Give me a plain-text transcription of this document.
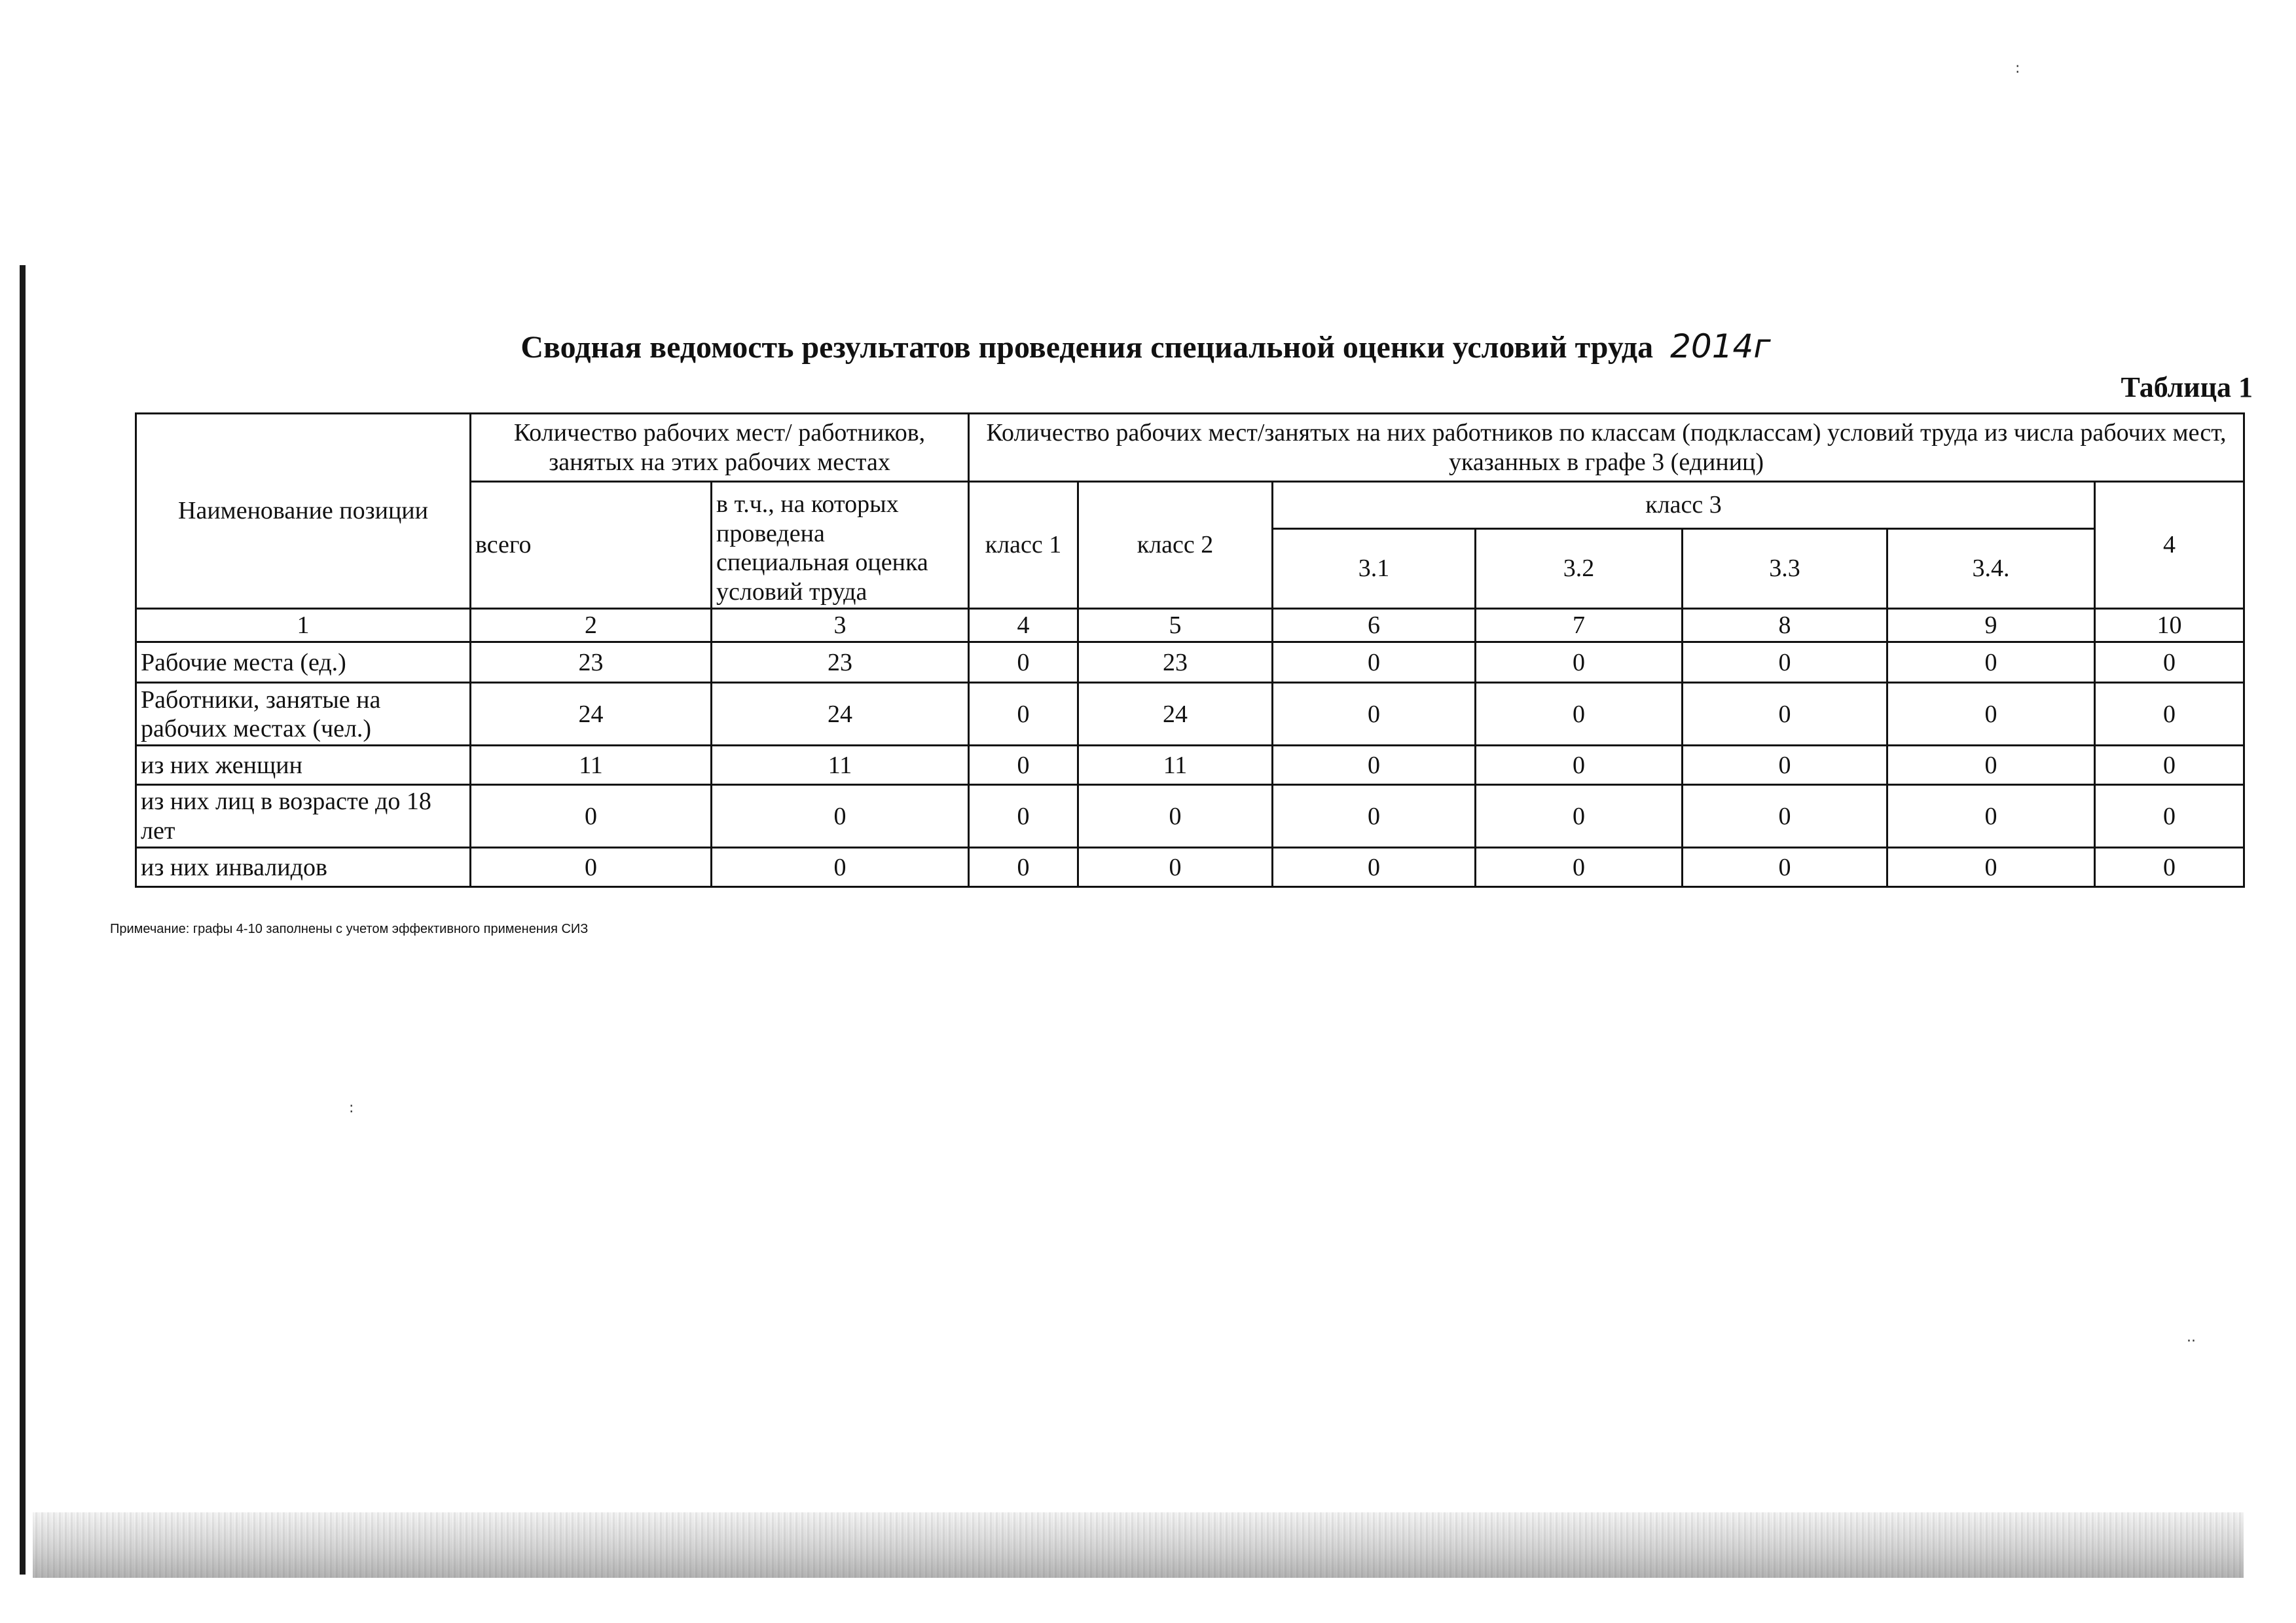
:
:
..
Сводная ведомость результатов проведения специальной оценки условий труда 2014г
Таблица 1
Наименование позиции	Количество рабочих мест/ работников, занятых на этих рабочих местах		Количество рабочих мест/занятых на них работников по классам (подклассам) условий труда из числа рабочих мест, указанных в графе 3 (единиц)						
	всего	в т.ч., на которых проведена специальная оценка условий труда	класс 1	класс 2	класс 3				4
					3.1	3.2	3.3	3.4.	
1	2	3	4	5	6	7	8	9	10
Рабочие места (ед.)	23	23	0	23	0	0	0	0	0
Работники, занятые на рабочих местах (чел.)	24	24	0	24	0	0	0	0	0
из них женщин	11	11	0	11	0	0	0	0	0
из них лиц в возрасте до 18 лет	0	0	0	0	0	0	0	0	0
из них инвалидов	0	0	0	0	0	0	0	0	0
Примечание: графы 4-10 заполнены с учетом эффективного применения СИЗ
